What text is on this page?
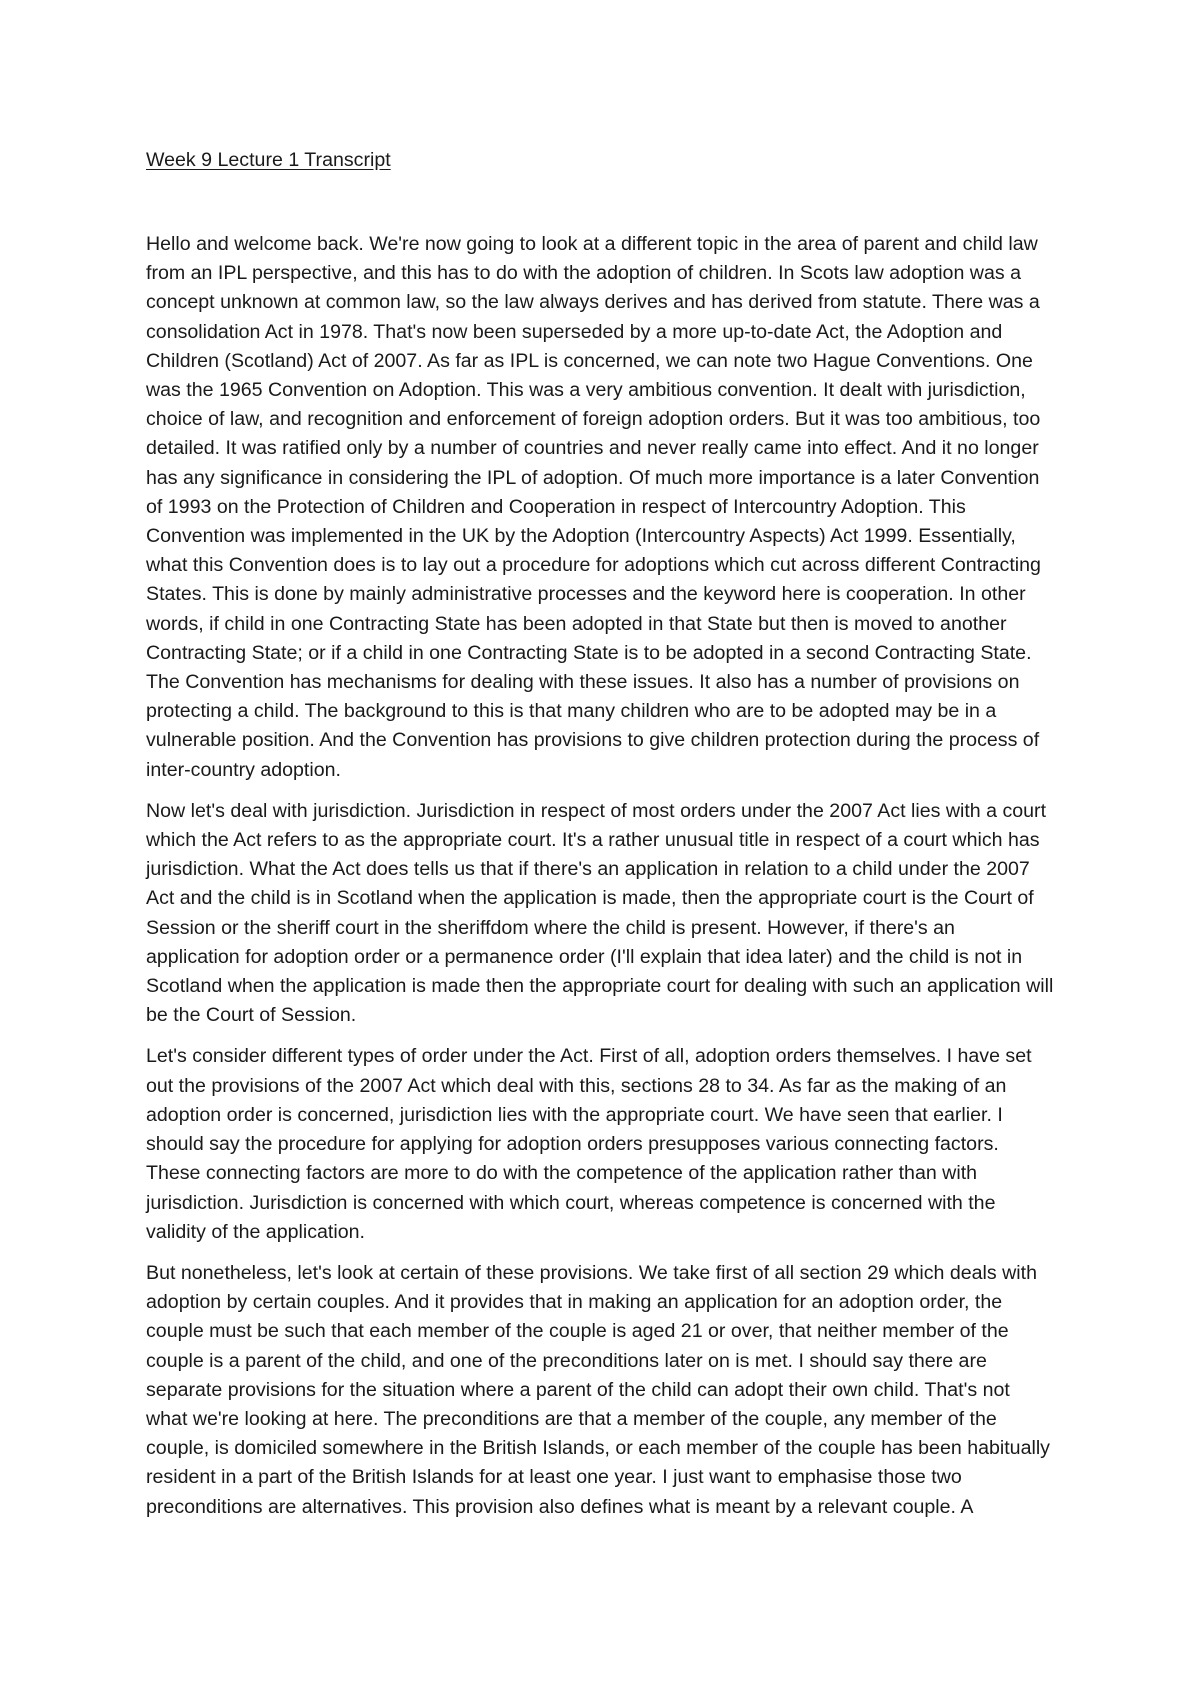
Week 9 Lecture 1 Transcript

Hello and welcome back. We're now going to look at a different topic in the area of parent and child law from an IPL perspective, and this has to do with the adoption of children. In Scots law adoption was a concept unknown at common law, so the law always derives and has derived from statute. There was a consolidation Act in 1978. That's now been superseded by a more up-to-date Act, the Adoption and Children (Scotland) Act of 2007. As far as IPL is concerned, we can note two Hague Conventions. One was the 1965 Convention on Adoption. This was a very ambitious convention. It dealt with jurisdiction, choice of law, and recognition and enforcement of foreign adoption orders. But it was too ambitious, too detailed. It was ratified only by a number of countries and never really came into effect. And it no longer has any significance in considering the IPL of adoption. Of much more importance is a later Convention of 1993 on the Protection of Children and Cooperation in respect of Intercountry Adoption. This Convention was implemented in the UK by the Adoption (Intercountry Aspects) Act 1999. Essentially, what this Convention does is to lay out a procedure for adoptions which cut across different Contracting States. This is done by mainly administrative processes and the keyword here is cooperation. In other words, if child in one Contracting State has been adopted in that State but then is moved to another Contracting State; or if a child in one Contracting State is to be adopted in a second Contracting State. The Convention has mechanisms for dealing with these issues. It also has a number of provisions on protecting a child. The background to this is that many children who are to be adopted may be in a vulnerable position. And the Convention has provisions to give children protection during the process of inter-country adoption.

Now let's deal with jurisdiction. Jurisdiction in respect of most orders under the 2007 Act lies with a court which the Act refers to as the appropriate court. It's a rather unusual title in respect of a court which has jurisdiction. What the Act does tells us that if there's an application in relation to a child under the 2007 Act and the child is in Scotland when the application is made, then the appropriate court is the Court of Session or the sheriff court in the sheriffdom where the child is present. However, if there's an application for adoption order or a permanence order (I'll explain that idea later) and the child is not in Scotland when the application is made then the appropriate court for dealing with such an application will be the Court of Session.

Let's consider different types of order under the Act. First of all, adoption orders themselves. I have set out the provisions of the 2007 Act which deal with this, sections 28 to 34. As far as the making of an adoption order is concerned, jurisdiction lies with the appropriate court. We have seen that earlier. I should say the procedure for applying for adoption orders presupposes various connecting factors. These connecting factors are more to do with the competence of the application rather than with jurisdiction. Jurisdiction is concerned with which court, whereas competence is concerned with the validity of the application.

But nonetheless, let's look at certain of these provisions. We take first of all section 29 which deals with adoption by certain couples. And it provides that in making an application for an adoption order, the couple must be such that each member of the couple is aged 21 or over, that neither member of the couple is a parent of the child, and one of the preconditions later on is met. I should say there are separate provisions for the situation where a parent of the child can adopt their own child. That's not what we're looking at here. The preconditions are that a member of the couple, any member of the couple, is domiciled somewhere in the British Islands, or each member of the couple has been habitually resident in a part of the British Islands for at least one year. I just want to emphasise those two preconditions are alternatives. This provision also defines what is meant by a relevant couple. A
